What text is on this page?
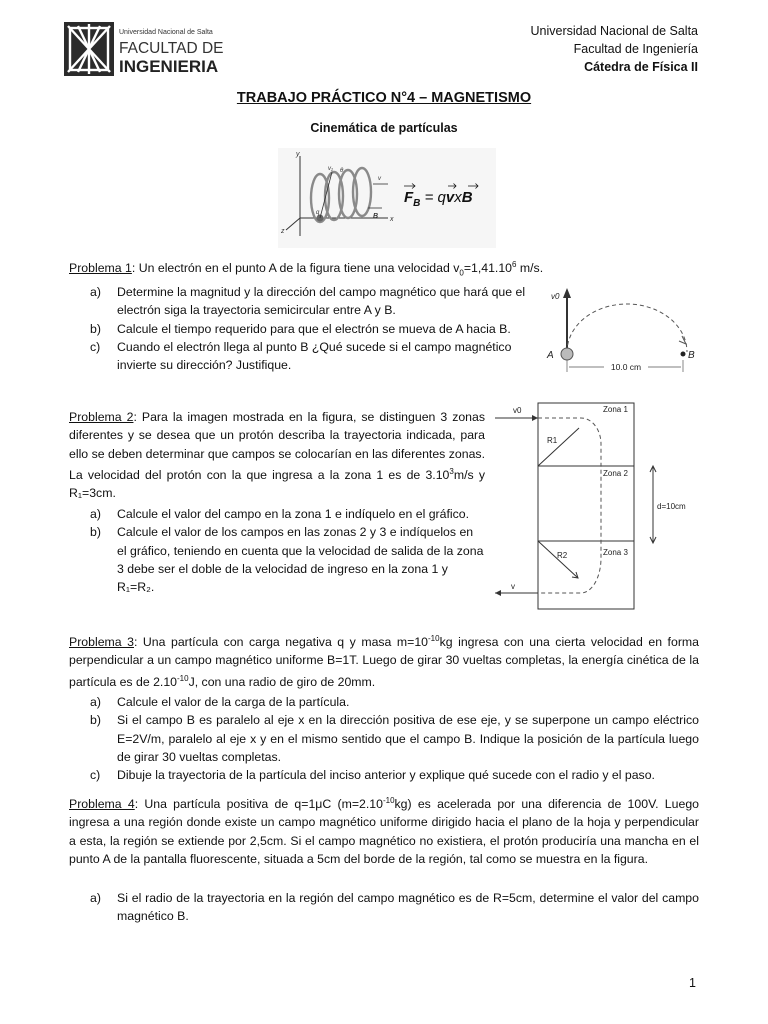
Universidad Nacional de Salta
FACULTAD DE
INGENIERIA
Universidad Nacional de Salta
Facultad de Ingeniería
Cátedra de Física II
TRABAJO PRÁCTICO N°4 – MAGNETISMO
Cinemática de partículas
y
x
z
q
v₁ θ
v
B
$F_B$ = qvxB

Problema 1: Un electrón en el punto A de la figura tiene una velocidad $v_0=1,41.10^6$ m/s.

a) Determine la magnitud y la dirección del campo magnético que hará que el electrón siga la trayectoria semicircular entre A y B.
b) Calcule el tiempo requerido para que el electrón se mueva de A hacia B.
c) Cuando el electrón llega al punto B ¿Qué sucede si el campo magnético invierte su dirección? Justifique.
v0
A	B
10.0 cm

Problema 2: Para la imagen mostrada en la figura, se distinguen 3 zonas diferentes y se desea que un protón describa la trayectoria indicada, para ello se deben determinar que campos se colocarían en las diferentes zonas. La velocidad del protón con la que ingresa a la zona 1 es de 3.10$^3$m/s y R₁=3cm.

a) Calcule el valor del campo en la zona 1 e indíquelo en el gráfico.
b) Calcule el valor de los campos en las zonas 2 y 3 e indíquelos en el gráfico, teniendo en cuenta que la velocidad de salida de la zona 3 debe ser el doble de la velocidad de ingreso en la zona 1 y R₁=R₂.
Zona 1
Zona 2
Zona 3
v0
v
R1
R2
d=10cm

Problema 3: Una partícula con carga negativa q y masa $m=10^{-10}kg$ ingresa con una cierta velocidad en forma perpendicular a un campo magnético uniforme B=1T. Luego de girar 30 vueltas completas, la energía cinética de la partícula es de $2.10^{-10}J$, con una radio de giro de 20mm.

a) Calcule el valor de la carga de la partícula.
b) Si el campo B es paralelo al eje x en la dirección positiva de ese eje, y se superpone un campo eléctrico E=2V/m, paralelo al eje x y en el mismo sentido que el campo B. Indique la posición de la partícula luego de girar 30 vueltas completas.
c) Dibuje la trayectoria de la partícula del inciso anterior y explique qué sucede con el radio y el paso.

Problema 4: Una partícula positiva de q=1μC $(m=2.10^{-10}kg)$ es acelerada por una diferencia de 100V. Luego ingresa a una región donde existe un campo magnético uniforme dirigido hacia el plano de la hoja y perpendicular a esta, la región se extiende por 2,5cm. Si el campo magnético no existiera, el protón produciría una mancha en el punto A de la pantalla fluorescente, situada a 5cm del borde de la región, tal como se muestra en la figura.

a) Si el radio de la trayectoria en la región del campo magnético es de R=5cm, determine el valor del campo magnético B.
1
